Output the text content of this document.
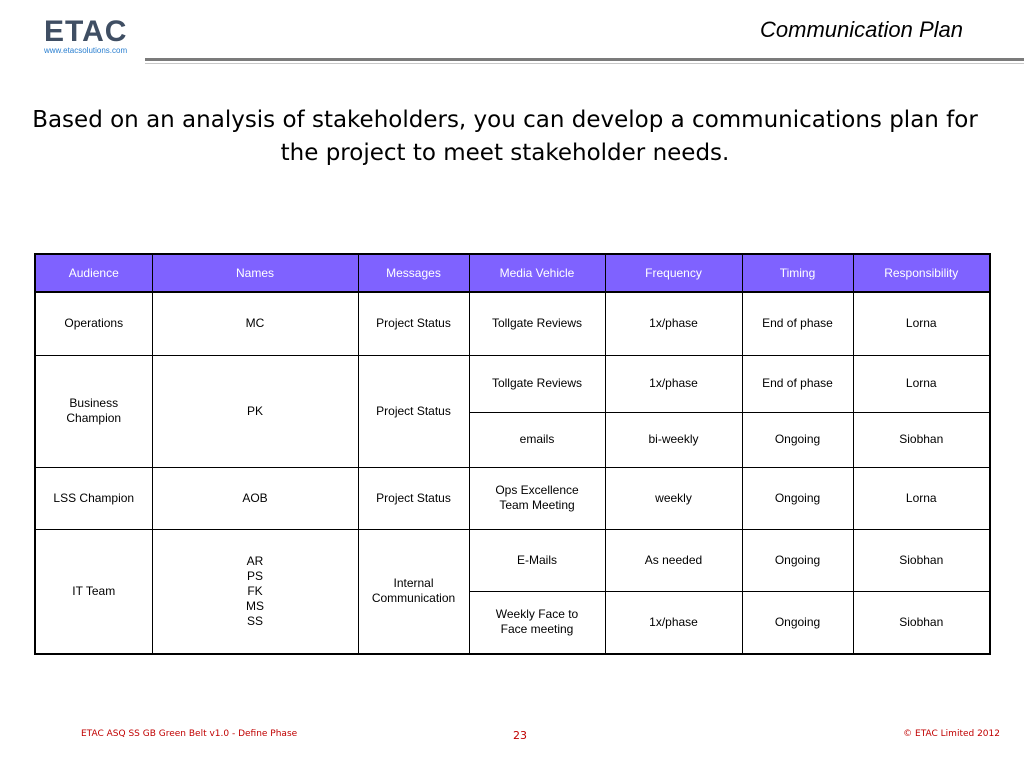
ETAC
www.etacsolutions.com
Communication Plan
Based on an analysis of stakeholders, you can develop a communications plan for
the project to meet stakeholder needs.
Audience	Names	Messages	Media Vehicle	Frequency	Timing	Responsibility
Operations	MC	Project Status	Tollgate Reviews	1x/phase	End of phase	Lorna

Business Champion	PK	Project Status	Tollgate Reviews	1x/phase	End of phase	Lorna
			emails	bi-weekly	Ongoing	Siobhan
LSS Champion	AOB	Project Status	Ops Excellence Team Meeting	weekly	Ongoing	Lorna
IT Team	AR
PS
FK
MS
SS	Internal Communication	E-Mails	As needed	Ongoing	Siobhan

			Weekly Face to Face meeting	1x/phase	Ongoing	Siobhan
ETAC ASQ SS GB Green Belt v1.0 - Define Phase	23	© ETAC Limited 2012
